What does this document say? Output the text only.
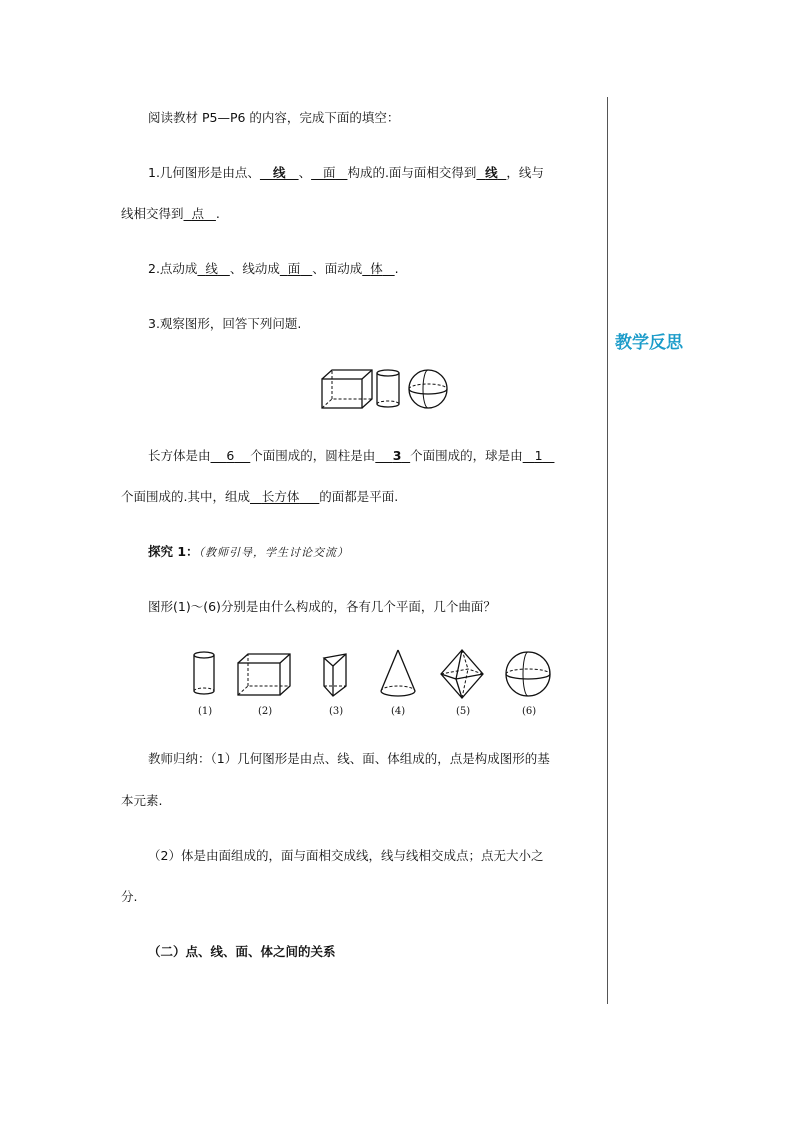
教学反思
阅读教材 P5—P6 的内容，完成下面的填空：
1.几何图形是由点、 线 、 面 构成的.面与面相交得到 线 ，线与
线相交得到 点 .
2.点动成 线 、线动成 面 、面动成 体 .
3.观察图形，回答下列问题.
长方体是由 6 个面围成的，圆柱是由 3 个面围成的，球是由 1
个面围成的.其中，组成 长方体 的面都是平面.
探究 1：（教师引导，学生讨论交流）
图形(1)～(6)分别是由什么构成的，各有几个平面，几个曲面？
(1)	(2)	(3)	(4)	(5)	(6)
教师归纳：（1）几何图形是由点、线、面、体组成的，点是构成图形的基
本元素.
（2）体是由面组成的，面与面相交成线，线与线相交成点；点无大小之
分.
（二）点、线、面、体之间的关系
